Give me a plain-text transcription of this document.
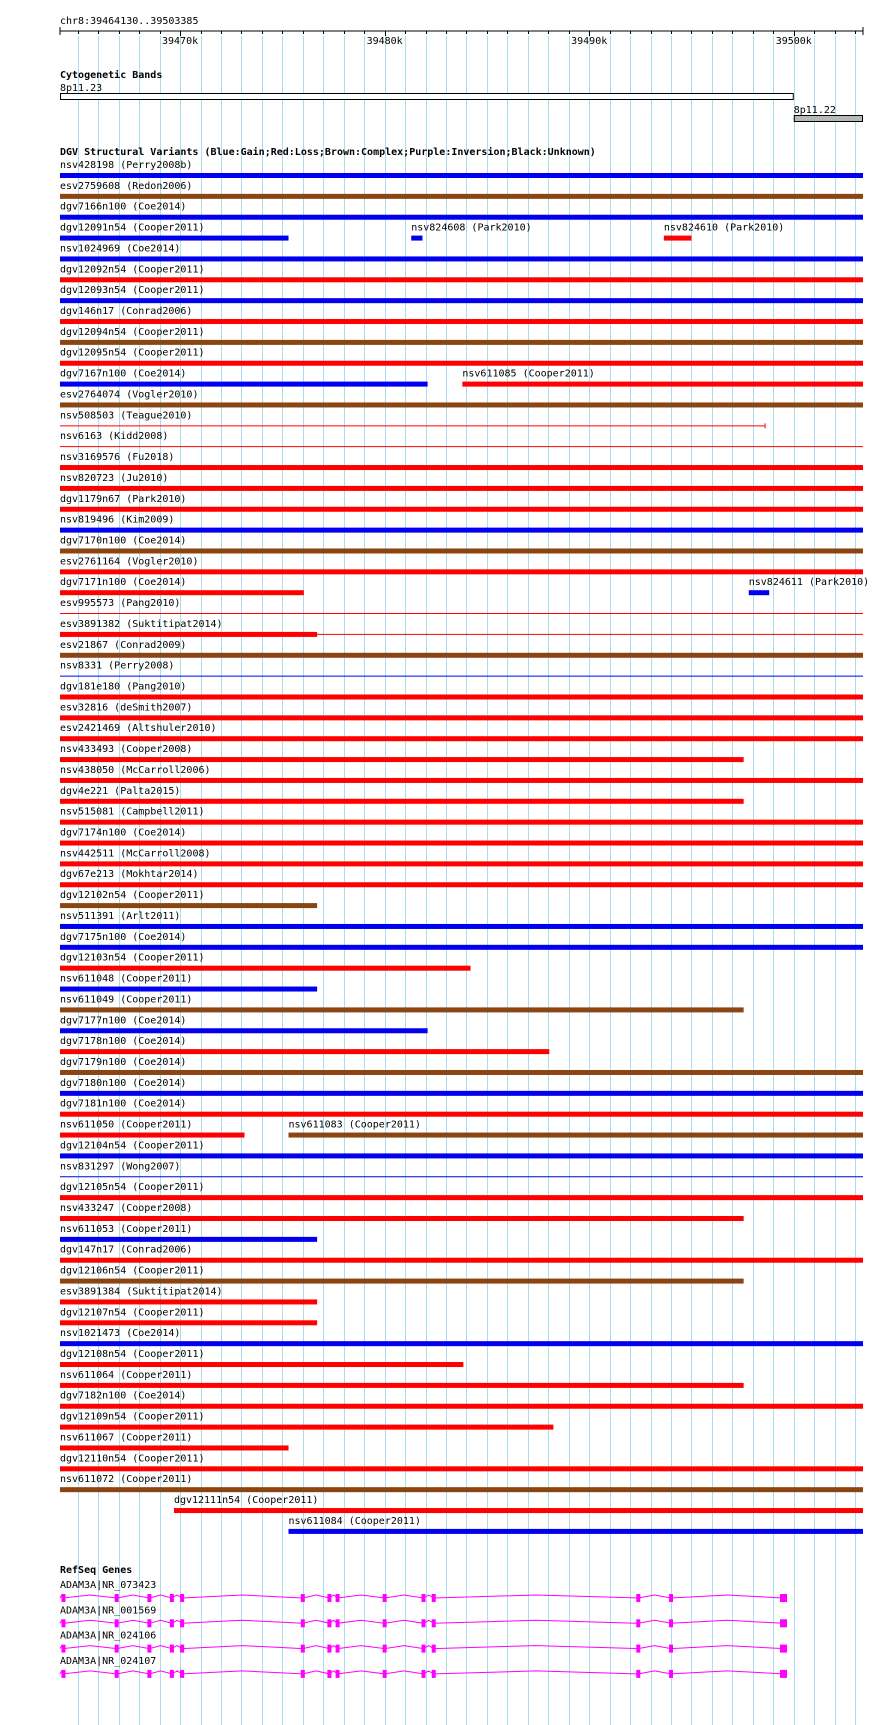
chr8:39464130..39503385
39470k	39480k	39490k	39500k
Cytogenetic Bands
8p11.23
8p11.22
DGV Structural Variants (Blue:Gain;Red:Loss;Brown:Complex;Purple:Inversion;Black:Unknown)
nsv428198 (Perry2008b)
esv2759608 (Redon2006)
dgv7166n100 (Coe2014)
dgv12091n54 (Cooper2011)	nsv824608 (Park2010)	nsv824610 (Park2010)
nsv1024969 (Coe2014)
dgv12092n54 (Cooper2011)
dgv12093n54 (Cooper2011)
dgv146n17 (Conrad2006)
dgv12094n54 (Cooper2011)
dgv12095n54 (Cooper2011)
dgv7167n100 (Coe2014)	nsv611085 (Cooper2011)
esv2764074 (Vogler2010)
nsv508503 (Teague2010)
nsv6163 (Kidd2008)
nsv3169576 (Fu2018)
nsv820723 (Ju2010)
dgv1179n67 (Park2010)
nsv819496 (Kim2009)
dgv7170n100 (Coe2014)
esv2761164 (Vogler2010)
dgv7171n100 (Coe2014)	nsv824611 (Park2010)
esv995573 (Pang2010)
esv3891382 (Suktitipat2014)
esv21867 (Conrad2009)
nsv8331 (Perry2008)
dgv181e180 (Pang2010)
esv32816 (deSmith2007)
esv2421469 (Altshuler2010)
nsv433493 (Cooper2008)
nsv438050 (McCarroll2006)
dgv4e221 (Palta2015)
nsv515081 (Campbell2011)
dgv7174n100 (Coe2014)
nsv442511 (McCarroll2008)
dgv67e213 (Mokhtar2014)
dgv12102n54 (Cooper2011)
nsv511391 (Arlt2011)
dgv7175n100 (Coe2014)
dgv12103n54 (Cooper2011)
nsv611048 (Cooper2011)
nsv611049 (Cooper2011)
dgv7177n100 (Coe2014)
dgv7178n100 (Coe2014)
dgv7179n100 (Coe2014)
dgv7180n100 (Coe2014)
dgv7181n100 (Coe2014)
nsv611050 (Cooper2011)	nsv611083 (Cooper2011)
dgv12104n54 (Cooper2011)
nsv831297 (Wong2007)
dgv12105n54 (Cooper2011)
nsv433247 (Cooper2008)
nsv611053 (Cooper2011)
dgv147n17 (Conrad2006)
dgv12106n54 (Cooper2011)
esv3891384 (Suktitipat2014)
dgv12107n54 (Cooper2011)
nsv1021473 (Coe2014)
dgv12108n54 (Cooper2011)
nsv611064 (Cooper2011)
dgv7182n100 (Coe2014)
dgv12109n54 (Cooper2011)
nsv611067 (Cooper2011)
dgv12110n54 (Cooper2011)
nsv611072 (Cooper2011)
dgv12111n54 (Cooper2011)
nsv611084 (Cooper2011)
RefSeq Genes
ADAM3A|NR_073423
ADAM3A|NR_001569
ADAM3A|NR_024106
ADAM3A|NR_024107
